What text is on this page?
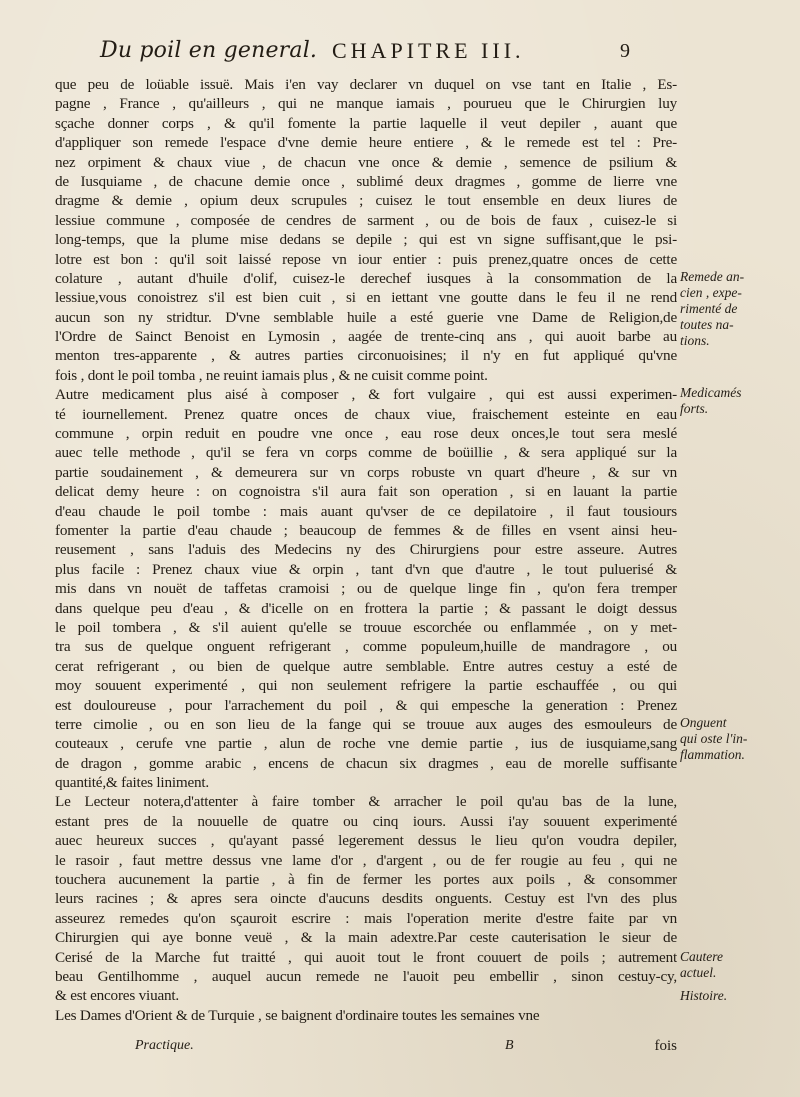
Du poil en general. CHAPITRE III.	9
que peu de loüable issuë. Mais i'en vay declarer vn duquel on vse tant en Italie , Es-
pagne , France , qu'ailleurs , qui ne manque iamais , pourueu que le Chirurgien luy
sçache donner corps , & qu'il fomente la partie laquelle il veut depiler , auant que
d'appliquer son remede l'espace d'vne demie heure entiere , & le remede est tel : Pre-
nez orpiment & chaux viue , de chacun vne once & demie , semence de psilium &
de Iusquiame , de chacune demie once , sublimé deux dragmes , gomme de lierre vne
dragme & demie , opium deux scrupules ; cuisez le tout ensemble en deux liures de
lessiue commune , composée de cendres de sarment , ou de bois de faux , cuisez-le si
long-temps, que la plume mise dedans se depile ; qui est vn signe suffisant,que le psi-
lotre est bon : qu'il soit laissé repose vn iour entier : puis prenez,quatre onces de cette
colature , autant d'huile d'olif, cuisez-le derechef iusques à la consommation de la
lessiue,vous conoistrez s'il est bien cuit , si en iettant vne goutte dans le feu il ne rend
aucun son ny stridtur. D'vne semblable huile a esté guerie vne Dame de Religion,de
l'Ordre de Sainct Benoist en Lymosin , aagée de trente-cinq ans , qui auoit barbe au
menton tres-apparente , & autres parties circonuoisines; il n'y en fut appliqué qu'vne
fois , dont le poil tomba , ne reuint iamais plus , & ne cuisit comme point.
Autre medicament plus aisé à composer , & fort vulgaire , qui est aussi experimen-
té iournellement. Prenez quatre onces de chaux viue, fraischement esteinte en eau
commune , orpin reduit en poudre vne once , eau rose deux onces,le tout sera meslé
auec telle methode , qu'il se fera vn corps comme de boüillie , & sera appliqué sur la
partie soudainement , & demeurera sur vn corps robuste vn quart d'heure , & sur vn
delicat demy heure : on cognoistra s'il aura fait son operation , si en lauant la partie
d'eau chaude le poil tombe : mais auant qu'vser de ce depilatoire , il faut tousiours
fomenter la partie d'eau chaude ; beaucoup de femmes & de filles en vsent ainsi heu-
reusement , sans l'aduis des Medecins ny des Chirurgiens pour estre asseure. Autres
plus facile : Prenez chaux viue & orpin , tant d'vn que d'autre , le tout puluerisé &
mis dans vn nouët de taffetas cramoisi ; ou de quelque linge fin , qu'on fera tremper
dans quelque peu d'eau , & d'icelle on en frottera la partie ; & passant le doigt dessus
le poil tombera , & s'il auient qu'elle se trouue escorchée ou enflammée , on y met-
tra sus de quelque onguent refrigerant , comme populeum,huille de mandragore , ou
cerat refrigerant , ou bien de quelque autre semblable. Entre autres cestuy a esté de
moy souuent experimenté , qui non seulement refrigere la partie eschauffée , ou qui
est douloureuse , pour l'arrachement du poil , & qui empesche la generation : Prenez
terre cimolie , ou en son lieu de la fange qui se trouue aux auges des esmouleurs de
couteaux , cerufe vne partie , alun de roche vne demie partie , ius de iusquiame,sang
de dragon , gomme arabic , encens de chacun six dragmes , eau de morelle suffisante
quantité,& faites liniment.
Le Lecteur notera,d'attenter à faire tomber & arracher le poil qu'au bas de la lune,
estant pres de la nouuelle de quatre ou cinq iours. Aussi i'ay souuent experimenté
auec heureux succes , qu'ayant passé legerement dessus le lieu qu'on voudra depiler,
le rasoir , faut mettre dessus vne lame d'or , d'argent , ou de fer rougie au feu , qui ne
touchera aucunement la partie , à fin de fermer les portes aux poils , & consommer
leurs racines ; & apres sera oincte d'aucuns desdits onguents. Cestuy est l'vn des plus
asseurez remedes qu'on sçauroit escrire : mais l'operation merite d'estre faite par vn
Chirurgien qui aye bonne veuë , & la main adextre.Par ceste cauterisation le sieur de
Cerisé de la Marche fut traitté , qui auoit tout le front couuert de poils ; autrement
beau Gentilhomme , auquel aucun remede ne l'auoit peu embellir , sinon cestuy-cy,
& est encores viuant.
Les Dames d'Orient & de Turquie , se baignent d'ordinaire toutes les semaines vne
Remede an-
cien , expe-
rimenté de
toutes na-
tions.
Medicamés
forts.
Onguent
qui oste l'in-
flammation.
Cautere
actuel.
Histoire.
Practique.	B	fois
